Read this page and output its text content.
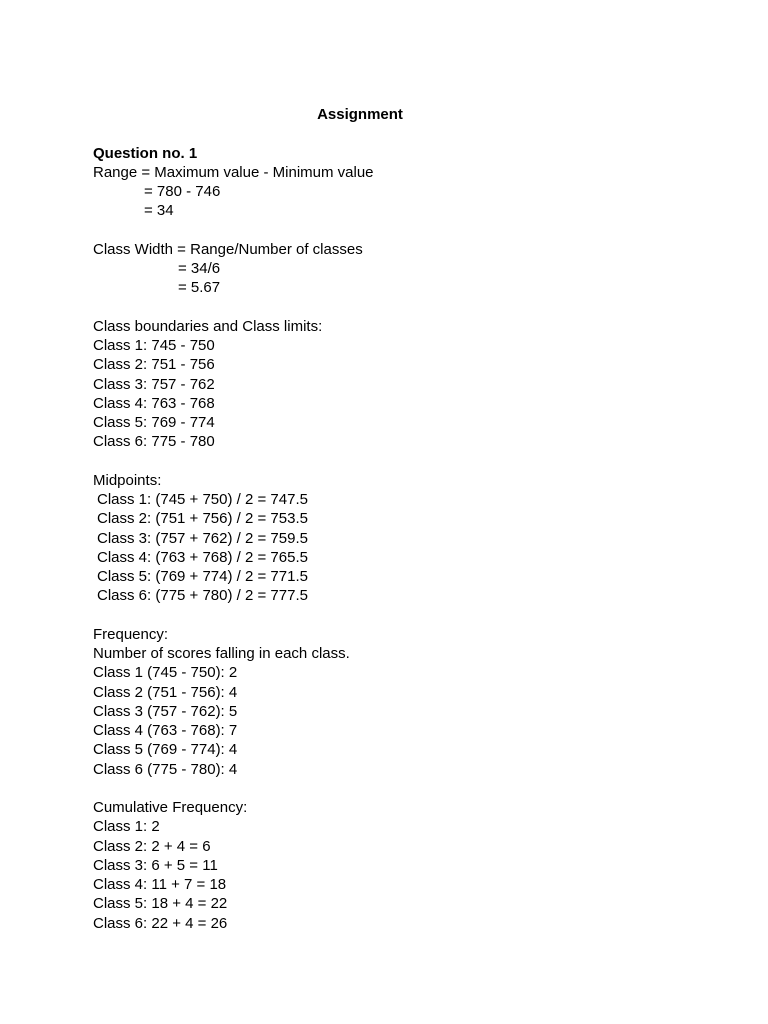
Assignment
Question no. 1
Range = Maximum value - Minimum value
= 780 - 746
= 34
Class Width = Range/Number of classes
= 34/6
= 5.67
Class boundaries and Class limits:
Class 1: 745 - 750
Class 2: 751 - 756
Class 3: 757 - 762
Class 4: 763 - 768
Class 5: 769 - 774
Class 6: 775 - 780
Midpoints:
Class 1: (745 + 750) / 2 = 747.5
Class 2: (751 + 756) / 2 = 753.5
Class 3: (757 + 762) / 2 = 759.5
Class 4: (763 + 768) / 2 = 765.5
Class 5: (769 + 774) / 2 = 771.5
Class 6: (775 + 780) / 2 = 777.5
Frequency:
Number of scores falling in each class.
Class 1 (745 - 750): 2
Class 2 (751 - 756): 4
Class 3 (757 - 762): 5
Class 4 (763 - 768): 7
Class 5 (769 - 774): 4
Class 6 (775 - 780): 4
Cumulative Frequency:
Class 1: 2
Class 2: 2 + 4 = 6
Class 3: 6 + 5 = 11
Class 4: 11 + 7 = 18
Class 5: 18 + 4 = 22
Class 6: 22 + 4 = 26
